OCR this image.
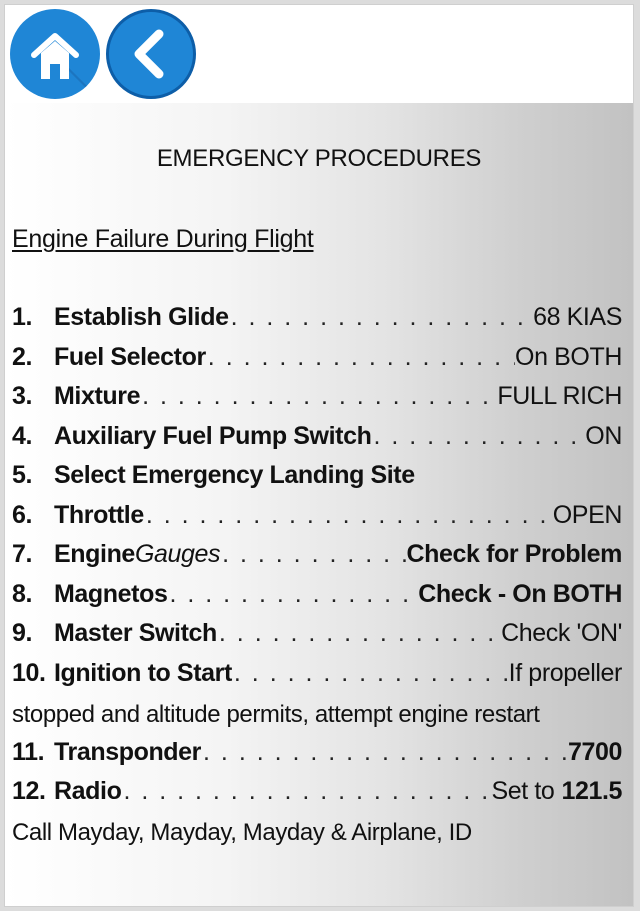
EMERGENCY PROCEDURES
Engine Failure During Flight
1. Establish Glide . . .	68 KIAS
2. Fuel Selector . . .	On BOTH
3. Mixture . . .	FULL RICH
4. Auxiliary Fuel Pump Switch . . .	ON
5. Select Emergency Landing Site
6. Throttle . . .	OPEN
7. Engine Gauges . . .	Check for Problem
8. Magnetos . . .	Check - On BOTH
9. Master Switch . . .	Check 'ON'
10. Ignition to Start . . .	If propeller
stopped and altitude permits, attempt engine restart
11. Transponder . . .	7700
12. Radio . . .	Set to 121.5
Call Mayday, Mayday, Mayday & Airplane, ID
